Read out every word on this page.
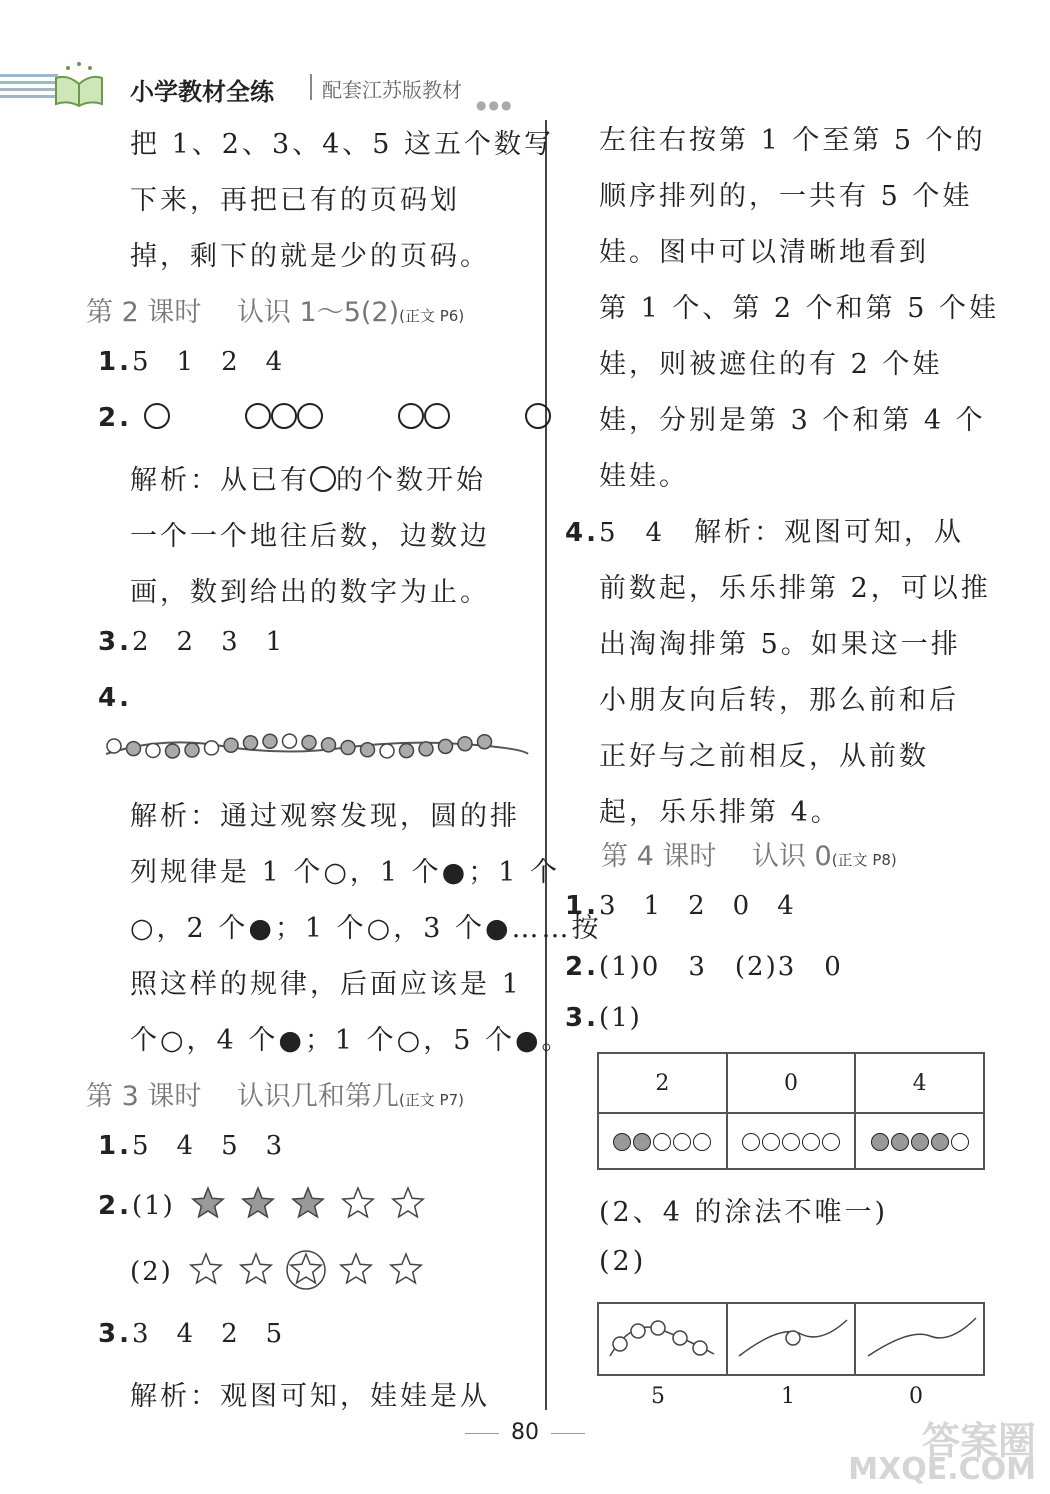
小学教材全练 配套江苏版教材
●●●
把 1、2、3、4、5 这五个数写
下来，再把已有的页码划
掉，剩下的就是少的页码。
第 2 课时　 认识 1～5(2)(正文 P6)
1.5 1 2 4
2.
解析：从已有 的个数开始
一个一个地往后数，边数边
画，数到给出的数字为止。
3.2 2 3 1
4.
解析：通过观察发现，圆的排
列规律是 1 个○，1 个●；1 个
○，2 个●；1 个○，3 个●……按
照这样的规律，后面应该是 1
个○，4 个●；1 个○，5 个●。
第 3 课时　 认识几和第几(正文 P7)
1.5 4 5 3
2.(1)
(2)
3.3 4 2 5
解析：观图可知，娃娃是从
左往右按第 1 个至第 5 个的
顺序排列的，一共有 5 个娃
娃。图中可以清晰地看到
第 1 个、第 2 个和第 5 个娃
娃，则被遮住的有 2 个娃
娃，分别是第 3 个和第 4 个
娃娃。
4.5　4　 解析：观图可知，从
前数起，乐乐排第 2，可以推
出淘淘排第 5。如果这一排
小朋友向后转，那么前和后
正好与之前相反，从前数
起，乐乐排第 4。
第 4 课时　 认识 0(正文 P8)
1.3 1 2 0 4
2.(1)0　3　(2)3　0
3.(1)
2	0	4

(2、4 的涂法不唯一)
(2)

5	1	0
80	答案圈
MXQE.COM
